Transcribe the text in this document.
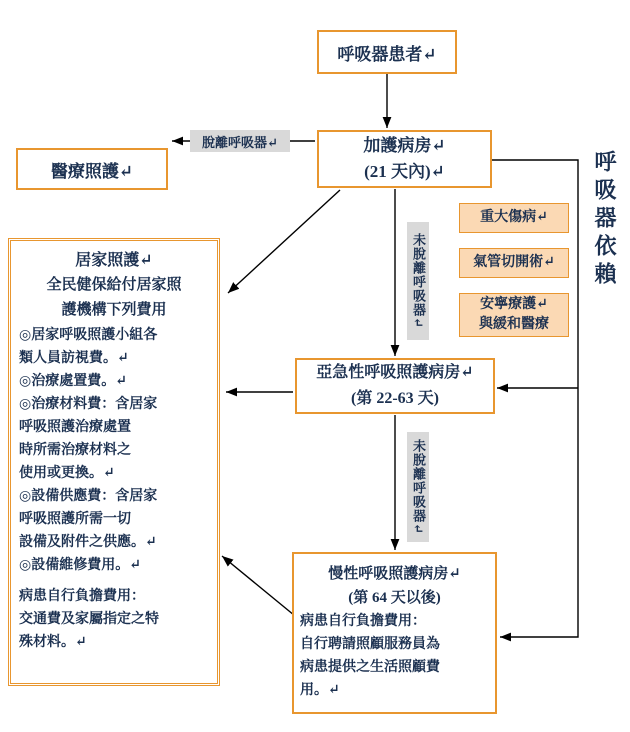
呼吸器患者↵
加護病房↵
(21 天內)↵
醫療照護↵
亞急性呼吸照護病房↵
(第 22-63 天)
慢性呼吸照護病房↵
(第 64 天以後)
病患自行負擔費用：
自行聘請照顧服務員為
病患提供之生活照顧費
用。↵
居家照護↵
全民健保給付居家照
護機構下列費用
◎居家呼吸照護小組各
類人員訪視費。↵
◎治療處置費。↵
◎治療材料費：含居家
呼吸照護治療處置
時所需治療材料之
使用或更換。↵
◎設備供應費：含居家
呼吸照護所需一切
設備及附件之供應。↵
◎設備維修費用。↵
病患自行負擔費用：
交通費及家屬指定之特
殊材料。↵
重大傷病↵
氣管切開術↵
安寧療護↵
與緩和醫療
脫離呼吸器↵
未脫離呼吸器↵
未脫離呼吸器↵
呼吸器依賴
